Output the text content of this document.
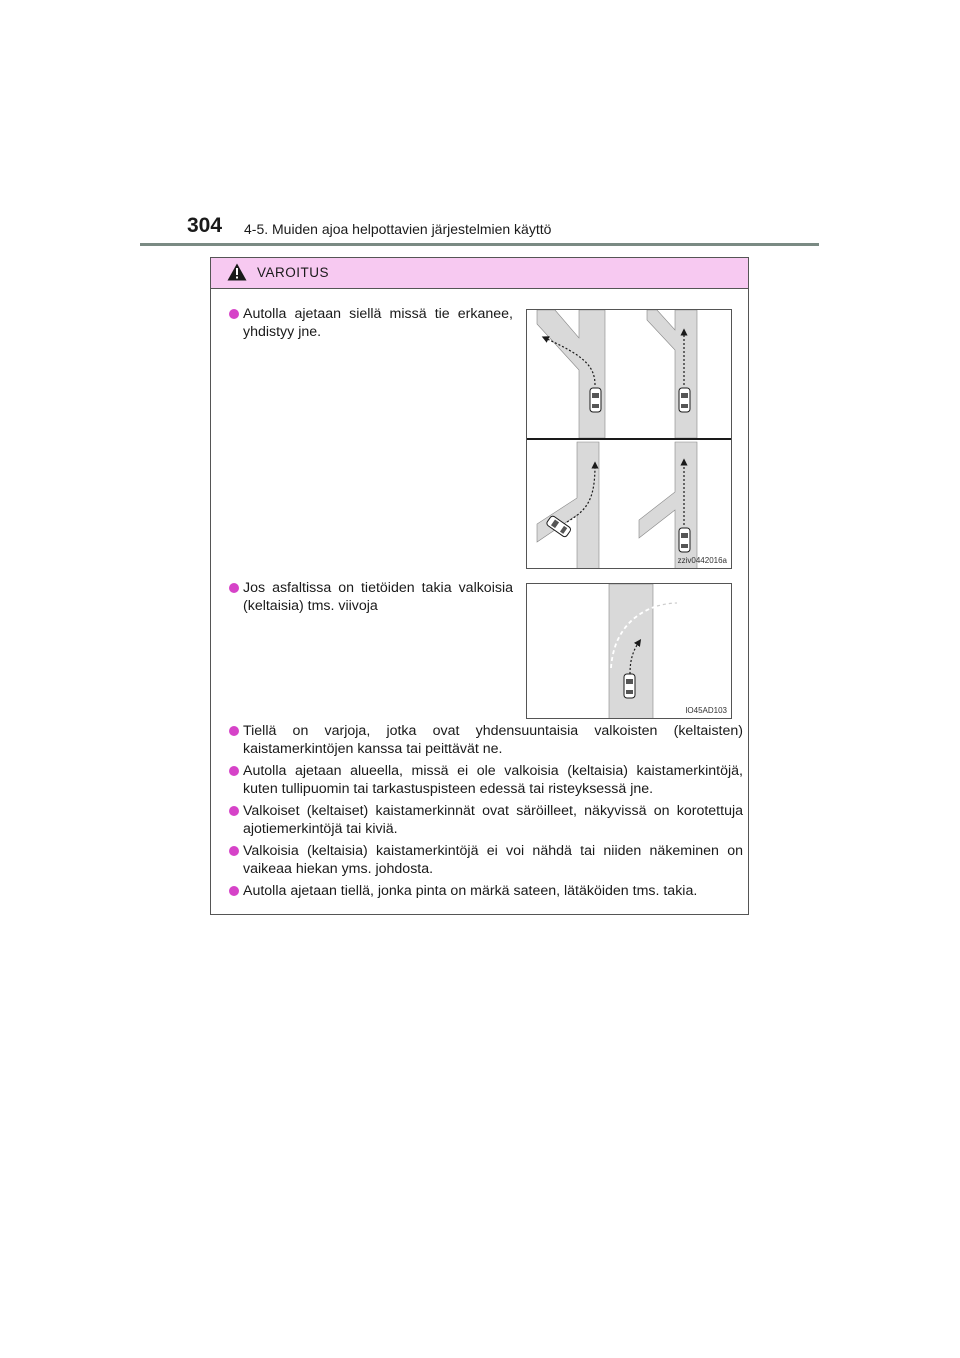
304 4-5. Muiden ajoa helpottavien järjestelmien käyttö
VAROITUS
Autolla ajetaan siellä missä tie erkanee, yhdistyy jne.
zziv0442016a
Jos asfaltissa on tietöiden takia valkoisia (keltaisia) tms. viivoja
IO45AD103
Tiellä on varjoja, jotka ovat yhdensuuntaisia valkoisten (keltaisten) kaistamerkintöjen kanssa tai peittävät ne.
Autolla ajetaan alueella, missä ei ole valkoisia (keltaisia) kaistamerkintöjä, kuten tullipuomin tai tarkastuspisteen edessä tai risteyksessä jne.
Valkoiset (keltaiset) kaistamerkinnät ovat säröilleet, näkyvissä on korotettuja ajotiemerkintöjä tai kiviä.
Valkoisia (keltaisia) kaistamerkintöjä ei voi nähdä tai niiden näkeminen on vaikeaa hiekan yms. johdosta.
Autolla ajetaan tiellä, jonka pinta on märkä sateen, lätäköiden tms. takia.
